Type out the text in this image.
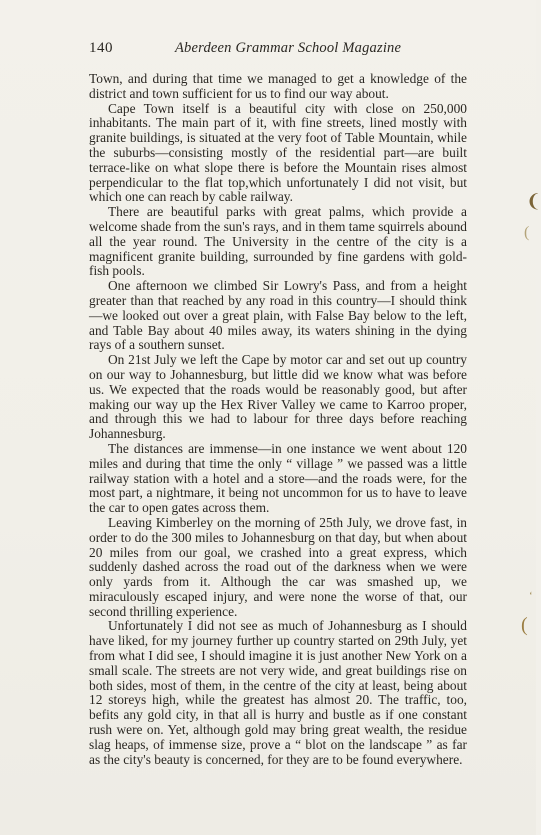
140	Aberdeen Grammar School Magazine

Town, and during that time we managed to get a knowledge of the district and town sufficient for us to find our way about.

Cape Town itself is a beautiful city with close on 250,000 inhabitants. The main part of it, with fine streets, lined mostly with granite buildings, is situated at the very foot of Table Mountain, while the suburbs—consisting mostly of the residential part—are built terrace-like on what slope there is before the Mountain rises almost perpendicular to the flat top,which unfortunately I did not visit, but which one can reach by cable railway.

There are beautiful parks with great palms, which provide a welcome shade from the sun's rays, and in them tame squirrels abound all the year round. The University in the centre of the city is a magnificent granite building, surrounded by fine gardens with gold-fish pools.

One afternoon we climbed Sir Lowry's Pass, and from a height greater than that reached by any road in this country—I should think—we looked out over a great plain, with False Bay below to the left, and Table Bay about 40 miles away, its waters shining in the dying rays of a southern sunset.

On 21st July we left the Cape by motor car and set out up country on our way to Johannesburg, but little did we know what was before us. We expected that the roads would be reasonably good, but after making our way up the Hex River Valley we came to Karroo proper, and through this we had to labour for three days before reaching Johannesburg.

The distances are immense—in one instance we went about 120 miles and during that time the only “ village ” we passed was a little railway station with a hotel and a store—and the roads were, for the most part, a nightmare, it being not uncommon for us to have to leave the car to open gates across them.

Leaving Kimberley on the morning of 25th July, we drove fast, in order to do the 300 miles to Johannesburg on that day, but when about 20 miles from our goal, we crashed into a great express, which suddenly dashed across the road out of the darkness when we were only yards from it. Although the car was smashed up, we miraculously escaped injury, and were none the worse of that, our second thrilling experience.

Unfortunately I did not see as much of Johannesburg as I should have liked, for my journey further up country started on 29th July, yet from what I did see, I should imagine it is just another New York on a small scale. The streets are not very wide, and great buildings rise on both sides, most of them, in the centre of the city at least, being about 12 storeys high, while the greatest has almost 20. The traffic, too, befits any gold city, in that all is hurry and bustle as if one constant rush were on. Yet, although gold may bring great wealth, the residue slag heaps, of immense size, prove a “ blot on the landscape ” as far as the city's beauty is concerned, for they are to be found everywhere.

❨
(
‘
(
